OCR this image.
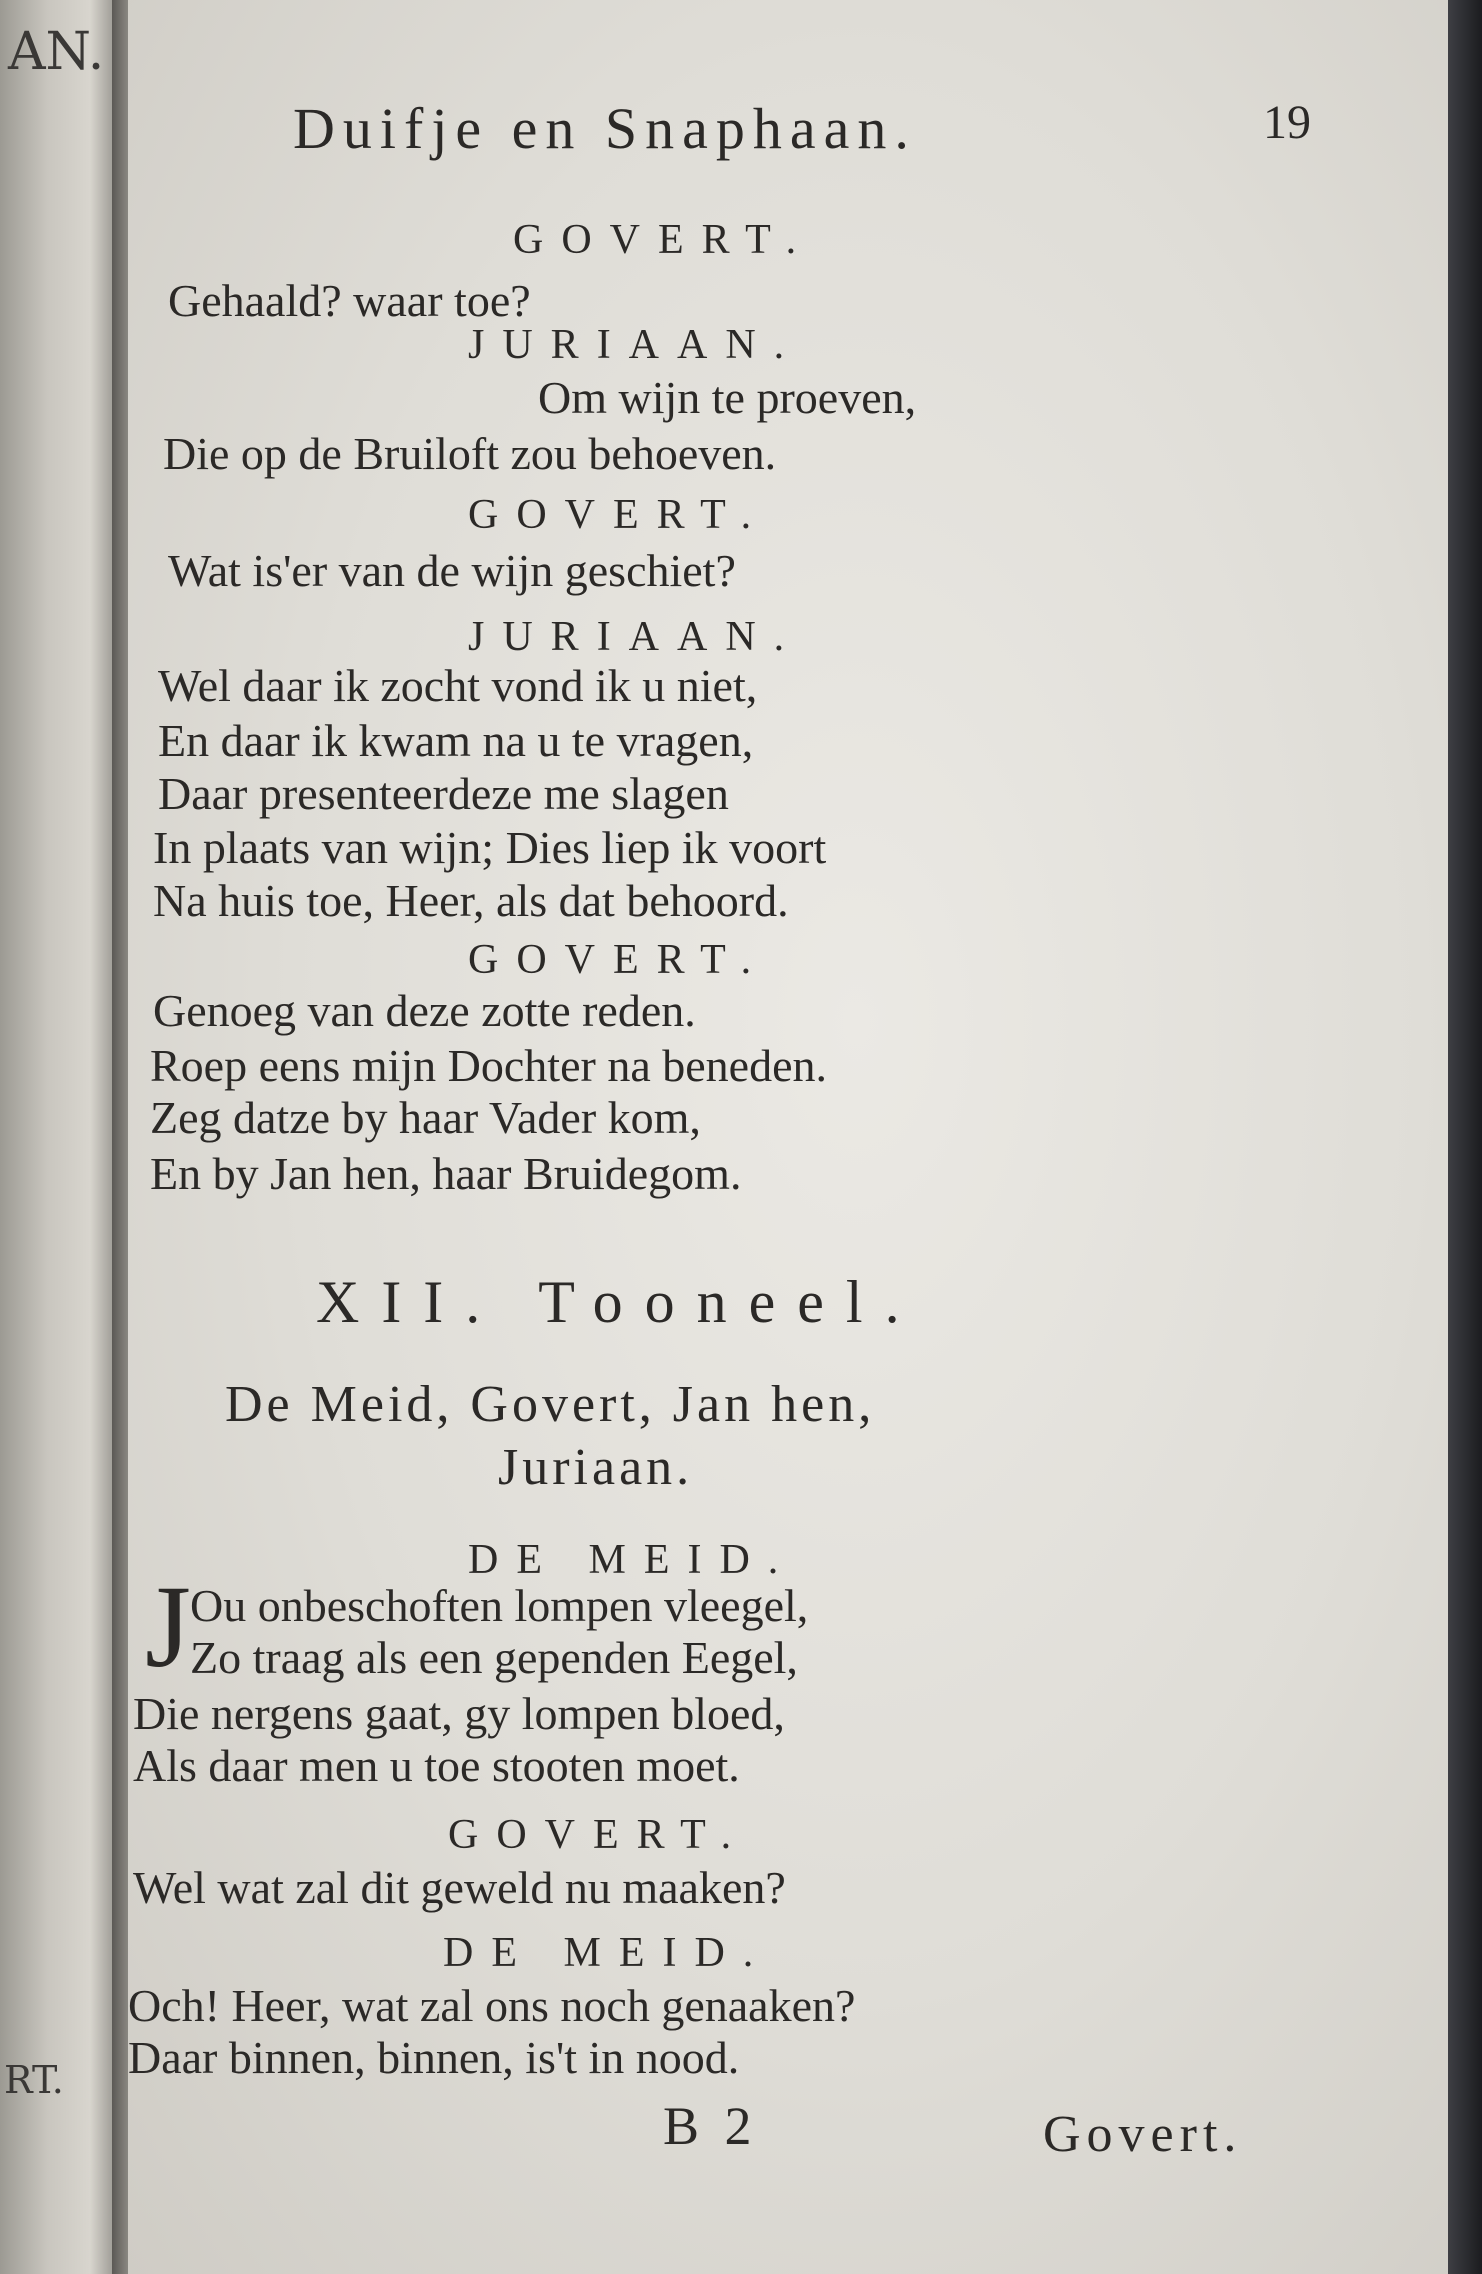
AN.
RT.
Duifje en Snaphaan.	19
GOVERT.
Gehaald? waar toe?
JURIAAN.
Om wijn te proeven,
Die op de Bruiloft zou behoeven.
GOVERT.
Wat is'er van de wijn geschiet?
JURIAAN.
Wel daar ik zocht vond ik u niet,
En daar ik kwam na u te vragen,
Daar presenteerdeze me slagen
In plaats van wijn; Dies liep ik voort
Na huis toe, Heer, als dat behoord.
GOVERT.
Genoeg van deze zotte reden.
Roep eens mijn Dochter na beneden.
Zeg datze by haar Vader kom,
En by Jan hen, haar Bruidegom.
XII. Tooneel.
De Meid, Govert, Jan hen,
Juriaan.
DE MEID.
J Ou onbeschoften lompen vleegel,
Zo traag als een gependen Eegel,
Die nergens gaat, gy lompen bloed,
Als daar men u toe stooten moet.
GOVERT.
Wel wat zal dit geweld nu maaken?
DE MEID.
Och! Heer, wat zal ons noch genaaken?
Daar binnen, binnen, is't in nood.
B 2	Govert.
